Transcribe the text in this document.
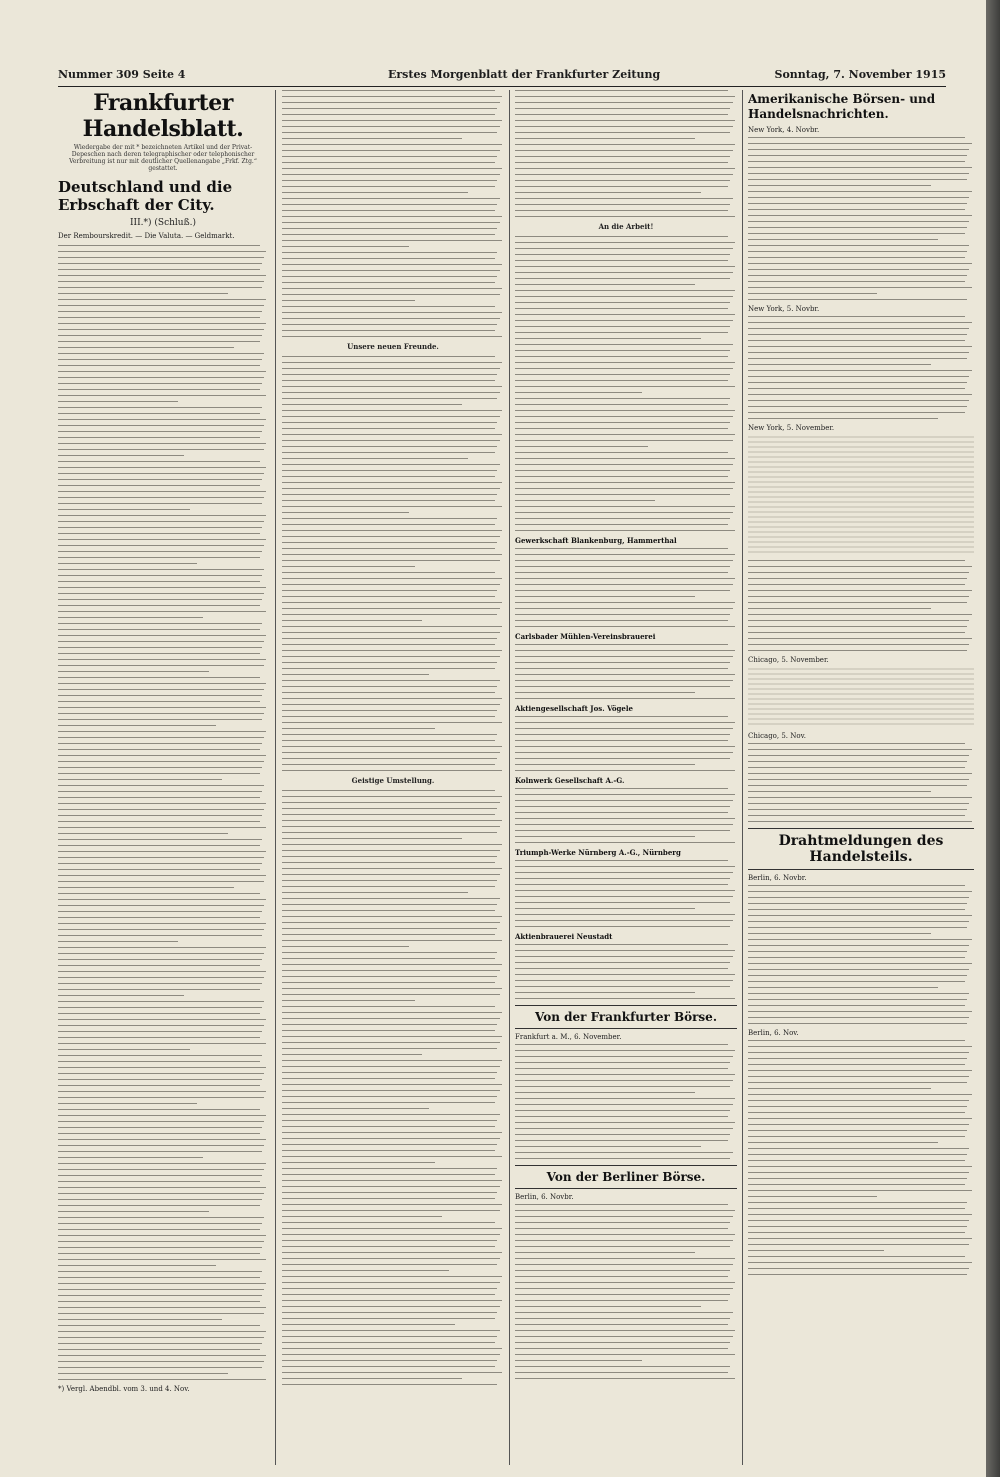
Nummer 309 Seite 4	Erstes Morgenblatt der Frankfurter Zeitung	Sonntag, 7. November 1915
Frankfurter Handelsblatt.
Wiedergabe der mit * bezeichneten Artikel und der Privat-Depeschen nach deren telegraphischer oder telephonischer Verbreitung ist nur mit deutlicher Quellenangabe „Frkf. Ztg.“ gestattet.
Deutschland und die Erbschaft der City.
III.*) (Schluß.)
Der Rembourskredit. — Die Valuta. — Geldmarkt.
*) Vergl. Abendbl. vom 3. und 4. Nov.
Unsere neuen Freunde.
Geistige Umstellung.
An die Arbeit!
Gewerkschaft Blankenburg, Hammerthal
Carlsbader Mühlen-Vereinsbrauerei
Aktiengesellschaft Jos. Vögele
Kolnwerk Gesellschaft A.-G.
Triumph-Werke Nürnberg A.-G., Nürnberg
Aktienbrauerei Neustadt
Von der Frankfurter Börse.
Frankfurt a. M., 6. November.
Von der Berliner Börse.
Berlin, 6. Novbr.
Amerikanische Börsen- und Handelsnachrichten.
New York, 4. Novbr.
New York, 5. Novbr.
New York, 5. November.
Chicago, 5. November.
Chicago, 5. Nov.
Drahtmeldungen des Handelsteils.
Berlin, 6. Novbr.
Berlin, 6. Nov.
